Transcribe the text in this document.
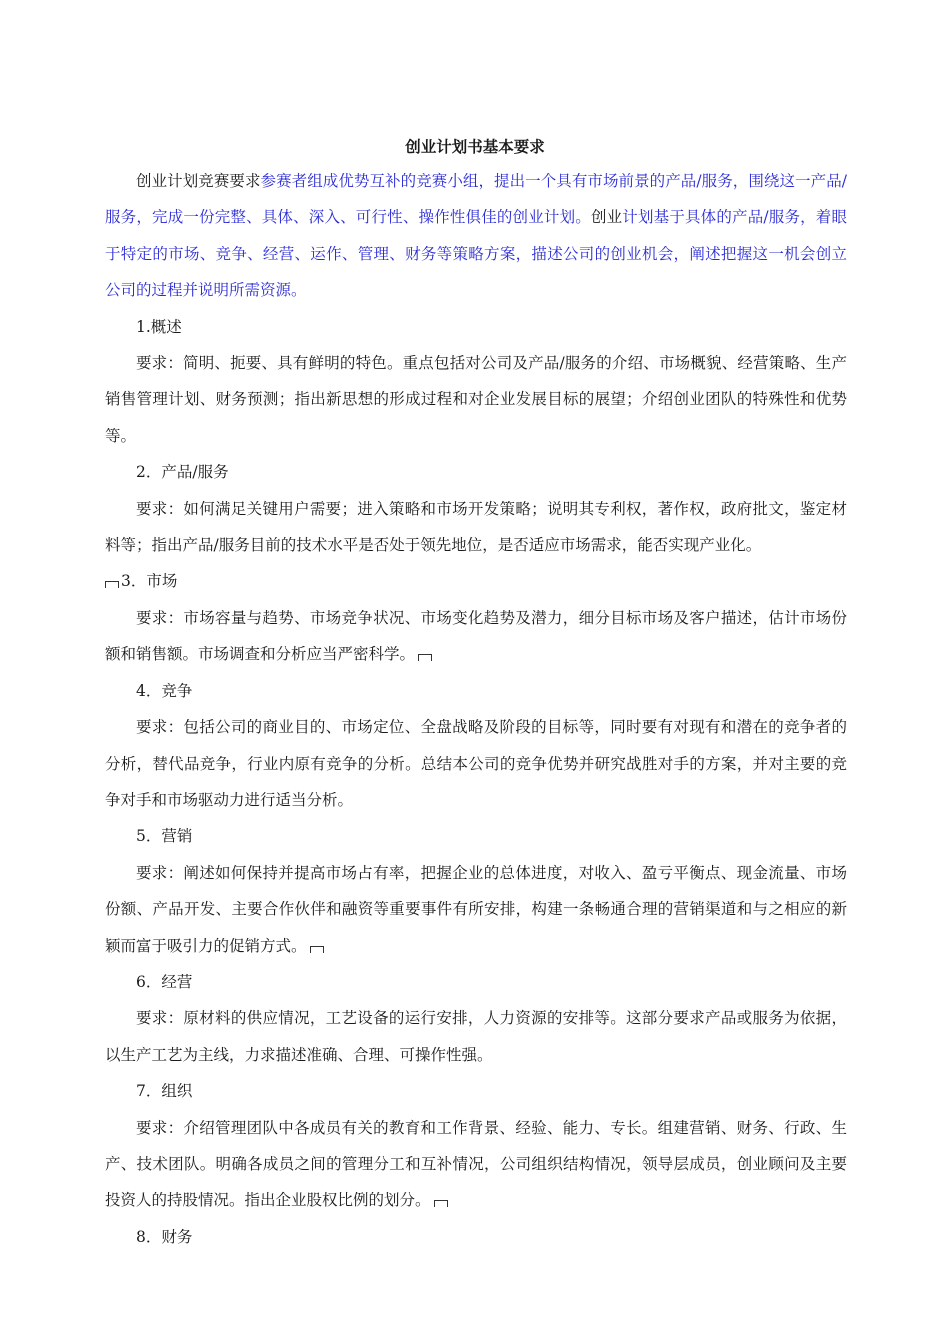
创业计划书基本要求

创业计划竞赛要求参赛者组成优势互补的竞赛小组，提出一个具有市场前景的产品/服务，围绕这一产品/服务，完成一份完整、具体、深入、可行性、操作性俱佳的创业计划。创业计划基于具体的产品/服务，着眼于特定的市场、竞争、经营、运作、管理、财务等策略方案，描述公司的创业机会，阐述把握这一机会创立公司的过程并说明所需资源。

1.概述

要求：简明、扼要、具有鲜明的特色。重点包括对公司及产品/服务的介绍、市场概貌、经营策略、生产销售管理计划、财务预测；指出新思想的形成过程和对企业发展目标的展望；介绍创业团队的特殊性和优势等。

2．产品/服务

要求：如何满足关键用户需要；进入策略和市场开发策略；说明其专利权，著作权，政府批文，鉴定材料等；指出产品/服务目前的技术水平是否处于领先地位，是否适应市场需求，能否实现产业化。

3．市场

要求：市场容量与趋势、市场竞争状况、市场变化趋势及潜力，细分目标市场及客户描述，估计市场份额和销售额。市场调查和分析应当严密科学。

4．竞争

要求：包括公司的商业目的、市场定位、全盘战略及阶段的目标等，同时要有对现有和潜在的竞争者的分析，替代品竞争，行业内原有竞争的分析。总结本公司的竞争优势并研究战胜对手的方案，并对主要的竞争对手和市场驱动力进行适当分析。

5．营销

要求：阐述如何保持并提高市场占有率，把握企业的总体进度，对收入、盈亏平衡点、现金流量、市场份额、产品开发、主要合作伙伴和融资等重要事件有所安排，构建一条畅通合理的营销渠道和与之相应的新颖而富于吸引力的促销方式。

6．经营

要求：原材料的供应情况，工艺设备的运行安排，人力资源的安排等。这部分要求产品或服务为依据，以生产工艺为主线，力求描述准确、合理、可操作性强。

7．组织

要求：介绍管理团队中各成员有关的教育和工作背景、经验、能力、专长。组建营销、财务、行政、生产、技术团队。明确各成员之间的管理分工和互补情况，公司组织结构情况，领导层成员，创业顾问及主要投资人的持股情况。指出企业股权比例的划分。

8．财务
